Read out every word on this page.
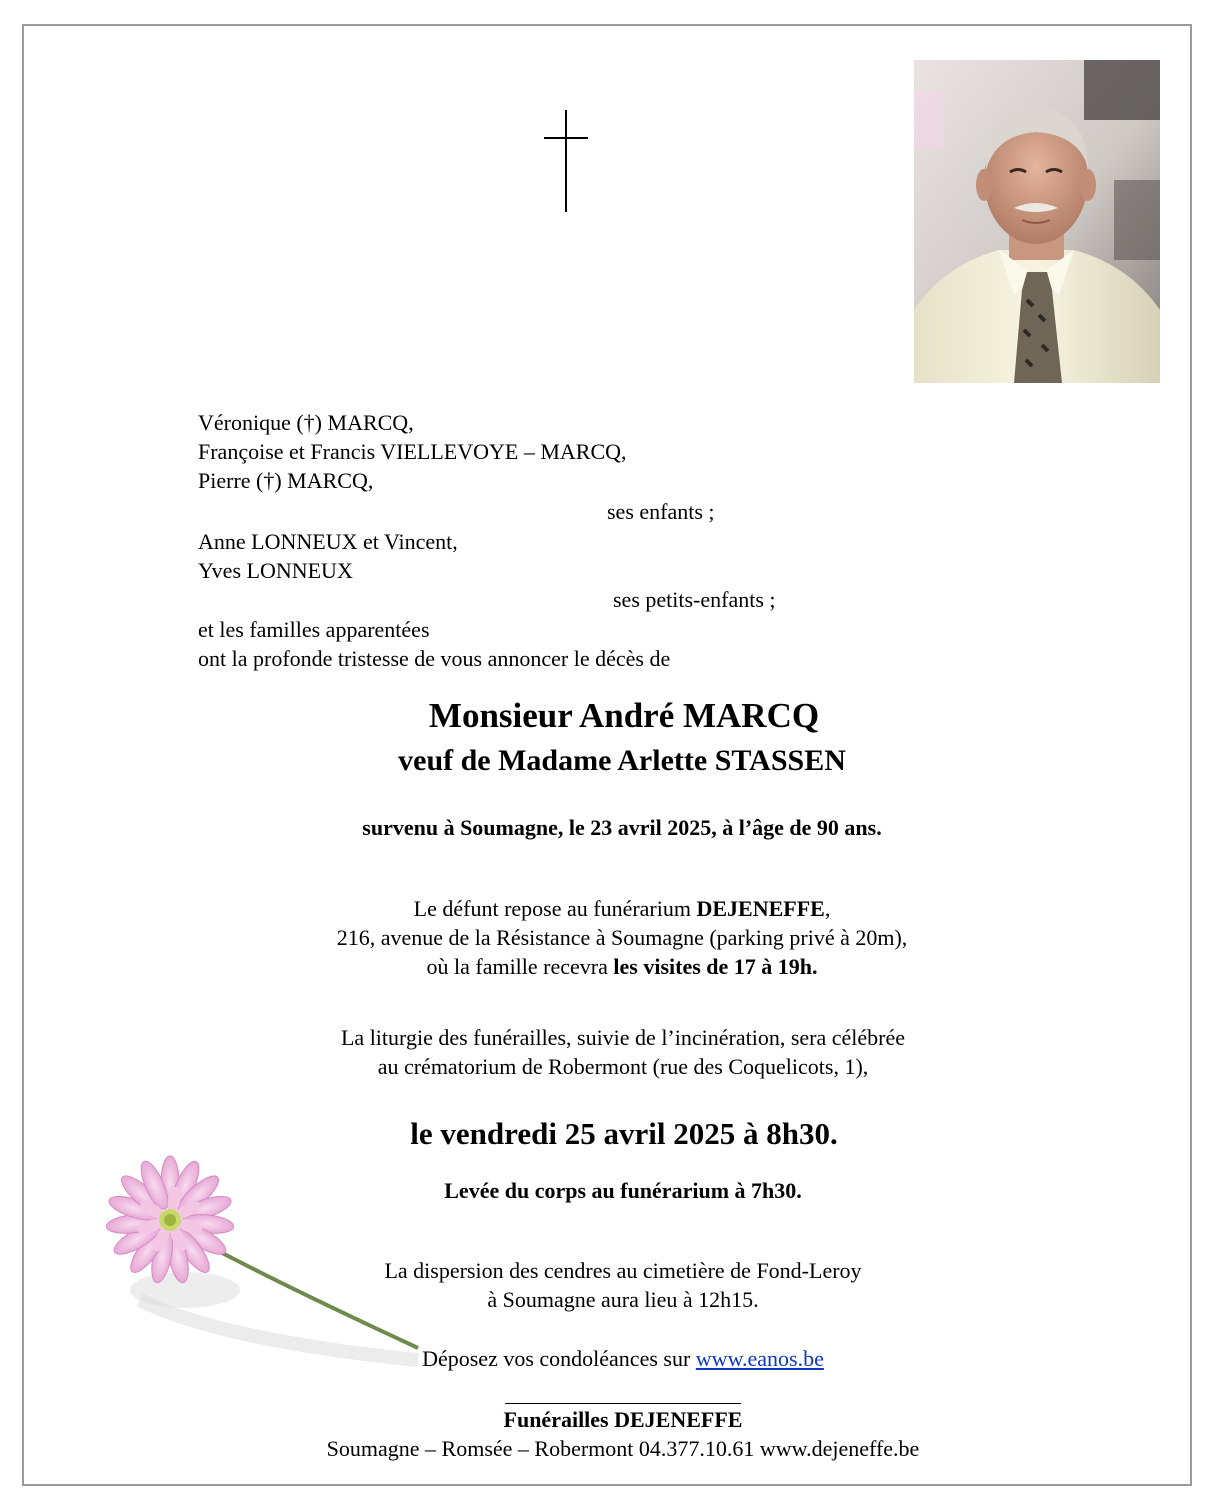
Véronique (†) MARCQ,
Françoise et Francis VIELLEVOYE – MARCQ,
Pierre (†) MARCQ,
ses enfants ;
Anne LONNEUX et Vincent,
Yves LONNEUX
ses petits-enfants ;
et les familles apparentées
ont la profonde tristesse de vous annoncer le décès de
Monsieur André MARCQ
veuf de Madame Arlette STASSEN
survenu à Soumagne, le 23 avril 2025, à l’âge de 90 ans.
Le défunt repose au funérarium DEJENEFFE,
216, avenue de la Résistance à Soumagne (parking privé à 20m),
où la famille recevra les visites de 17 à 19h.
La liturgie des funérailles, suivie de l’incinération, sera célébrée
au crématorium de Robermont (rue des Coquelicots, 1),
le vendredi 25 avril 2025 à 8h30.
Levée du corps au funérarium à 7h30.
La dispersion des cendres au cimetière de Fond-Leroy
à Soumagne aura lieu à 12h15.
Déposez vos condoléances sur www.eanos.be
Funérailles DEJENEFFE
Soumagne – Romsée – Robermont 04.377.10.61 www.dejeneffe.be
